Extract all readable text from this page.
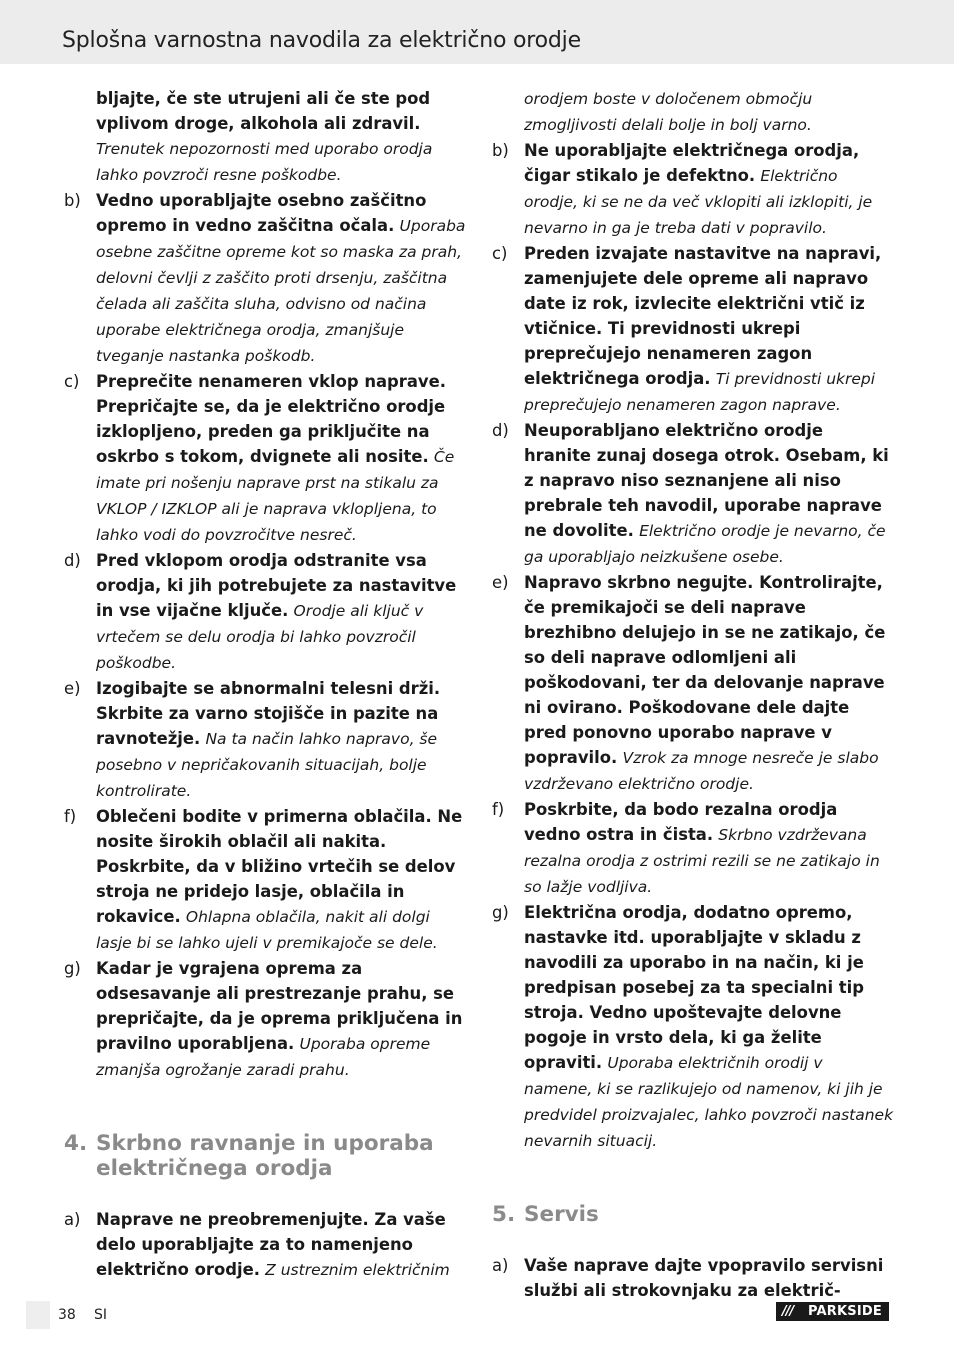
Splošna varnostna navodila za električno orodje
bljajte, če ste utrujeni ali če ste pod vplivom droge, alkohola ali zdravil. Trenutek nepozornosti med uporabo orodja lahko povzroči resne poškodbe.
b) Vedno uporabljajte osebno zaščitno opremo in vedno zaščitna očala. Uporaba osebne zaščitne opreme kot so maska za prah, delovni čevlji z zaščito proti drsenju, zaščitna čelada ali zaščita sluha, odvisno od načina uporabe električnega orodja, zmanjšuje tveganje nastanka poškodb.
c) Preprečite nenameren vklop naprave. Prepričajte se, da je električno orodje izklopljeno, preden ga priključite na oskrbo s tokom, dvignete ali nosite. Če imate pri nošenju naprave prst na stikalu za VKLOP / IZKLOP ali je naprava vklopljena, to lahko vodi do povzročitve nesreč.
d) Pred vklopom orodja odstranite vsa orodja, ki jih potrebujete za nastavitve in vse vijačne ključe. Orodje ali ključ v vrtečem se delu orodja bi lahko povzročil poškodbe.
e) Izogibajte se abnormalni telesni drži. Skrbite za varno stojišče in pazite na ravnotežje. Na ta način lahko napravo, še posebno v nepričakovanih situacijah, bolje kontrolirate.
f) Oblečeni bodite v primerna oblačila. Ne nosite širokih oblačil ali nakita. Poskrbite, da v bližino vrtečih se delov stroja ne pridejo lasje, oblačila in rokavice. Ohlapna oblačila, nakit ali dolgi lasje bi se lahko ujeli v premikajoče se dele.
g) Kadar je vgrajena oprema za odsesavanje ali prestrezanje prahu, se prepričajte, da je oprema priključena in pravilno uporabljena. Uporaba opreme zmanjša ogrožanje zaradi prahu.
4. Skrbno ravnanje in uporaba električnega orodja
a) Naprave ne preobremenjujte. Za vaše delo uporabljajte za to namenjeno električno orodje. Z ustreznim električnim
orodjem boste v določenem območju zmogljivosti delali bolje in bolj varno.
b) Ne uporabljajte električnega orodja, čigar stikalo je defektno. Električno orodje, ki se ne da več vklopiti ali izklopiti, je nevarno in ga je treba dati v popravilo.
c) Preden izvajate nastavitve na napravi, zamenjujete dele opreme ali napravo date iz rok, izvlecite električni vtič iz vtičnice. Ti previdnosti ukrepi preprečujejo nenameren zagon električnega orodja. Ti previdnosti ukrepi preprečujejo nenameren zagon naprave.
d) Neuporabljano električno orodje hranite zunaj dosega otrok. Osebam, ki z napravo niso seznanjene ali niso prebrale teh navodil, uporabe naprave ne dovolite. Električno orodje je nevarno, če ga uporabljajo neizkušene osebe.
e) Napravo skrbno negujte. Kontrolirajte, če premikajoči se deli naprave brezhibno delujejo in se ne zatikajo, če so deli naprave odlomljeni ali poškodovani, ter da delovanje naprave ni ovirano. Poškodovane dele dajte pred ponovno uporabo naprave v popravilo. Vzrok za mnoge nesreče je slabo vzdrževano električno orodje.
f) Poskrbite, da bodo rezalna orodja vedno ostra in čista. Skrbno vzdrževana rezalna orodja z ostrimi rezili se ne zatikajo in so lažje vodljiva.
g) Električna orodja, dodatno opremo, nastavke itd. uporabljajte v skladu z navodili za uporabo in na način, ki je predpisan posebej za ta specialni tip stroja. Vedno upoštevajte delovne pogoje in vrsto dela, ki ga želite opraviti. Uporaba električnih orodij v namene, ki se razlikujejo od namenov, ki jih je predvidel proizvajalec, lahko povzroči nastanek nevarnih situacij.
5. Servis
a) Vaše naprave dajte vpopravilo servisni službi ali strokovnjaku za električ-
38 SI	/// PARKSIDE
